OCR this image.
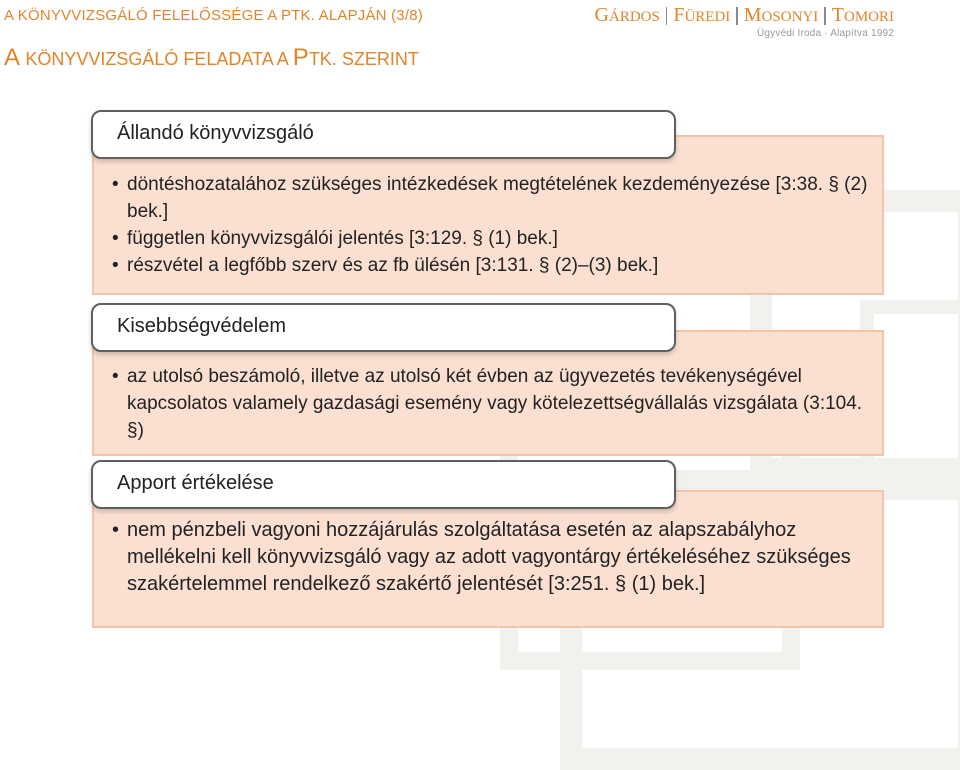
A KÖNYVVIZSGÁLÓ FELELŐSSÉGE A PTK. ALAPJÁN (3/8)
A KÖNYVVIZSGÁLÓ FELADATA A PTK. SZERINT
GÁRDOS FÜREDI MOSONYI TOMORI
Ügyvédi Iroda · Alapítva 1992
Állandó könyvvizsgáló
• döntéshozatalához szükséges intézkedések megtételének kezdeményezése [3:38. § (2) bek.]
• független könyvvizsgálói jelentés [3:129. § (1) bek.]
• részvétel a legfőbb szerv és az fb ülésén [3:131. § (2)–(3) bek.]
Kisebbségvédelem
• az utolsó beszámoló, illetve az utolsó két évben az ügyvezetés tevékenységével kapcsolatos valamely gazdasági esemény vagy kötelezettségvállalás vizsgálata (3:104. §)
Apport értékelése
• nem pénzbeli vagyoni hozzájárulás szolgáltatása esetén az alapszabályhoz mellékelni kell könyvvizsgáló vagy az adott vagyontárgy értékeléséhez szükséges szakértelemmel rendelkező szakértő jelentését [3:251. § (1) bek.]
